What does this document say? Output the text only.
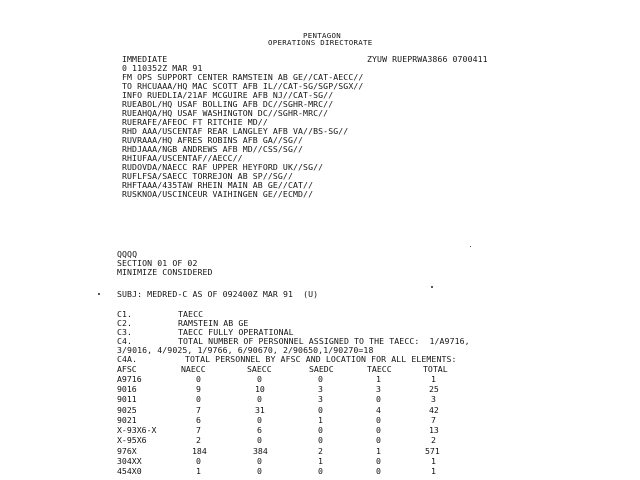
PENTAGON
OPERATIONS DIRECTORATE
IMMEDIATE	ZYUW RUEPRWA3866 0700411
0 110352Z MAR 91
FM OPS SUPPORT CENTER RAMSTEIN AB GE//CAT-AECC//
TO RHCUAAA/HQ MAC SCOTT AFB IL//CAT-SG/SGP/SGX//
INFO RUEDLIA/21AF MCGUIRE AFB NJ//CAT-SG//
RUEABOL/HQ USAF BOLLING AFB DC//SGHR-MRC//
RUEAHQA/HQ USAF WASHINGTON DC//SGHR-MRC//
RUERAFE/AFEOC FT RITCHIE MD//
RHD AAA/USCENTAF REAR LANGLEY AFB VA//BS-SG//
RUVRAAA/HQ AFRES ROBINS AFB GA//SG//
RHDJAAA/NGB ANDREWS AFB MD//CSS/SG//
RHIUFAA/USCENTAF//AECC//
RUDOVDA/NAECC RAF UPPER HEYFORD UK//SG//
RUFLFSA/SAECC TORREJON AB SP//SG//
RHFTAAA/435TAW RHEIN MAIN AB GE//CAT//
RUSKNOA/USCINCEUR VAIHINGEN GE//ECMD//
QQQQ
SECTION 01 OF 02
MINIMIZE CONSIDERED
SUBJ: MEDRED-C AS OF 092400Z MAR 91  (U)
C1.	TAECC
C2.	RAMSTEIN AB GE
C3.	TAECC FULLY OPERATIONAL
C4.	TOTAL NUMBER OF PERSONNEL ASSIGNED TO THE TAECC:  1/A9716,
3/9016, 4/9025, 1/9766, 6/90670, 2/90650,1/90270=18
C4A.	TOTAL PERSONNEL BY AFSC AND LOCATION FOR ALL ELEMENTS:
AFSC	NAECC	SAECC	SAEDC	TAECC	TOTAL
A9716	0	0	0	1	1
9016	9	10	3	3	25
9011	0	0	3	0	3
9025	7	31	0	4	42
9021	6	0	1	0	7
X-93X6-X	7	6	0	0	13
X-95X6	2	0	0	0	2
976X	184	384	2	1	571
304XX	0	0	1	0	1
454X0	1	0	0	0	1
